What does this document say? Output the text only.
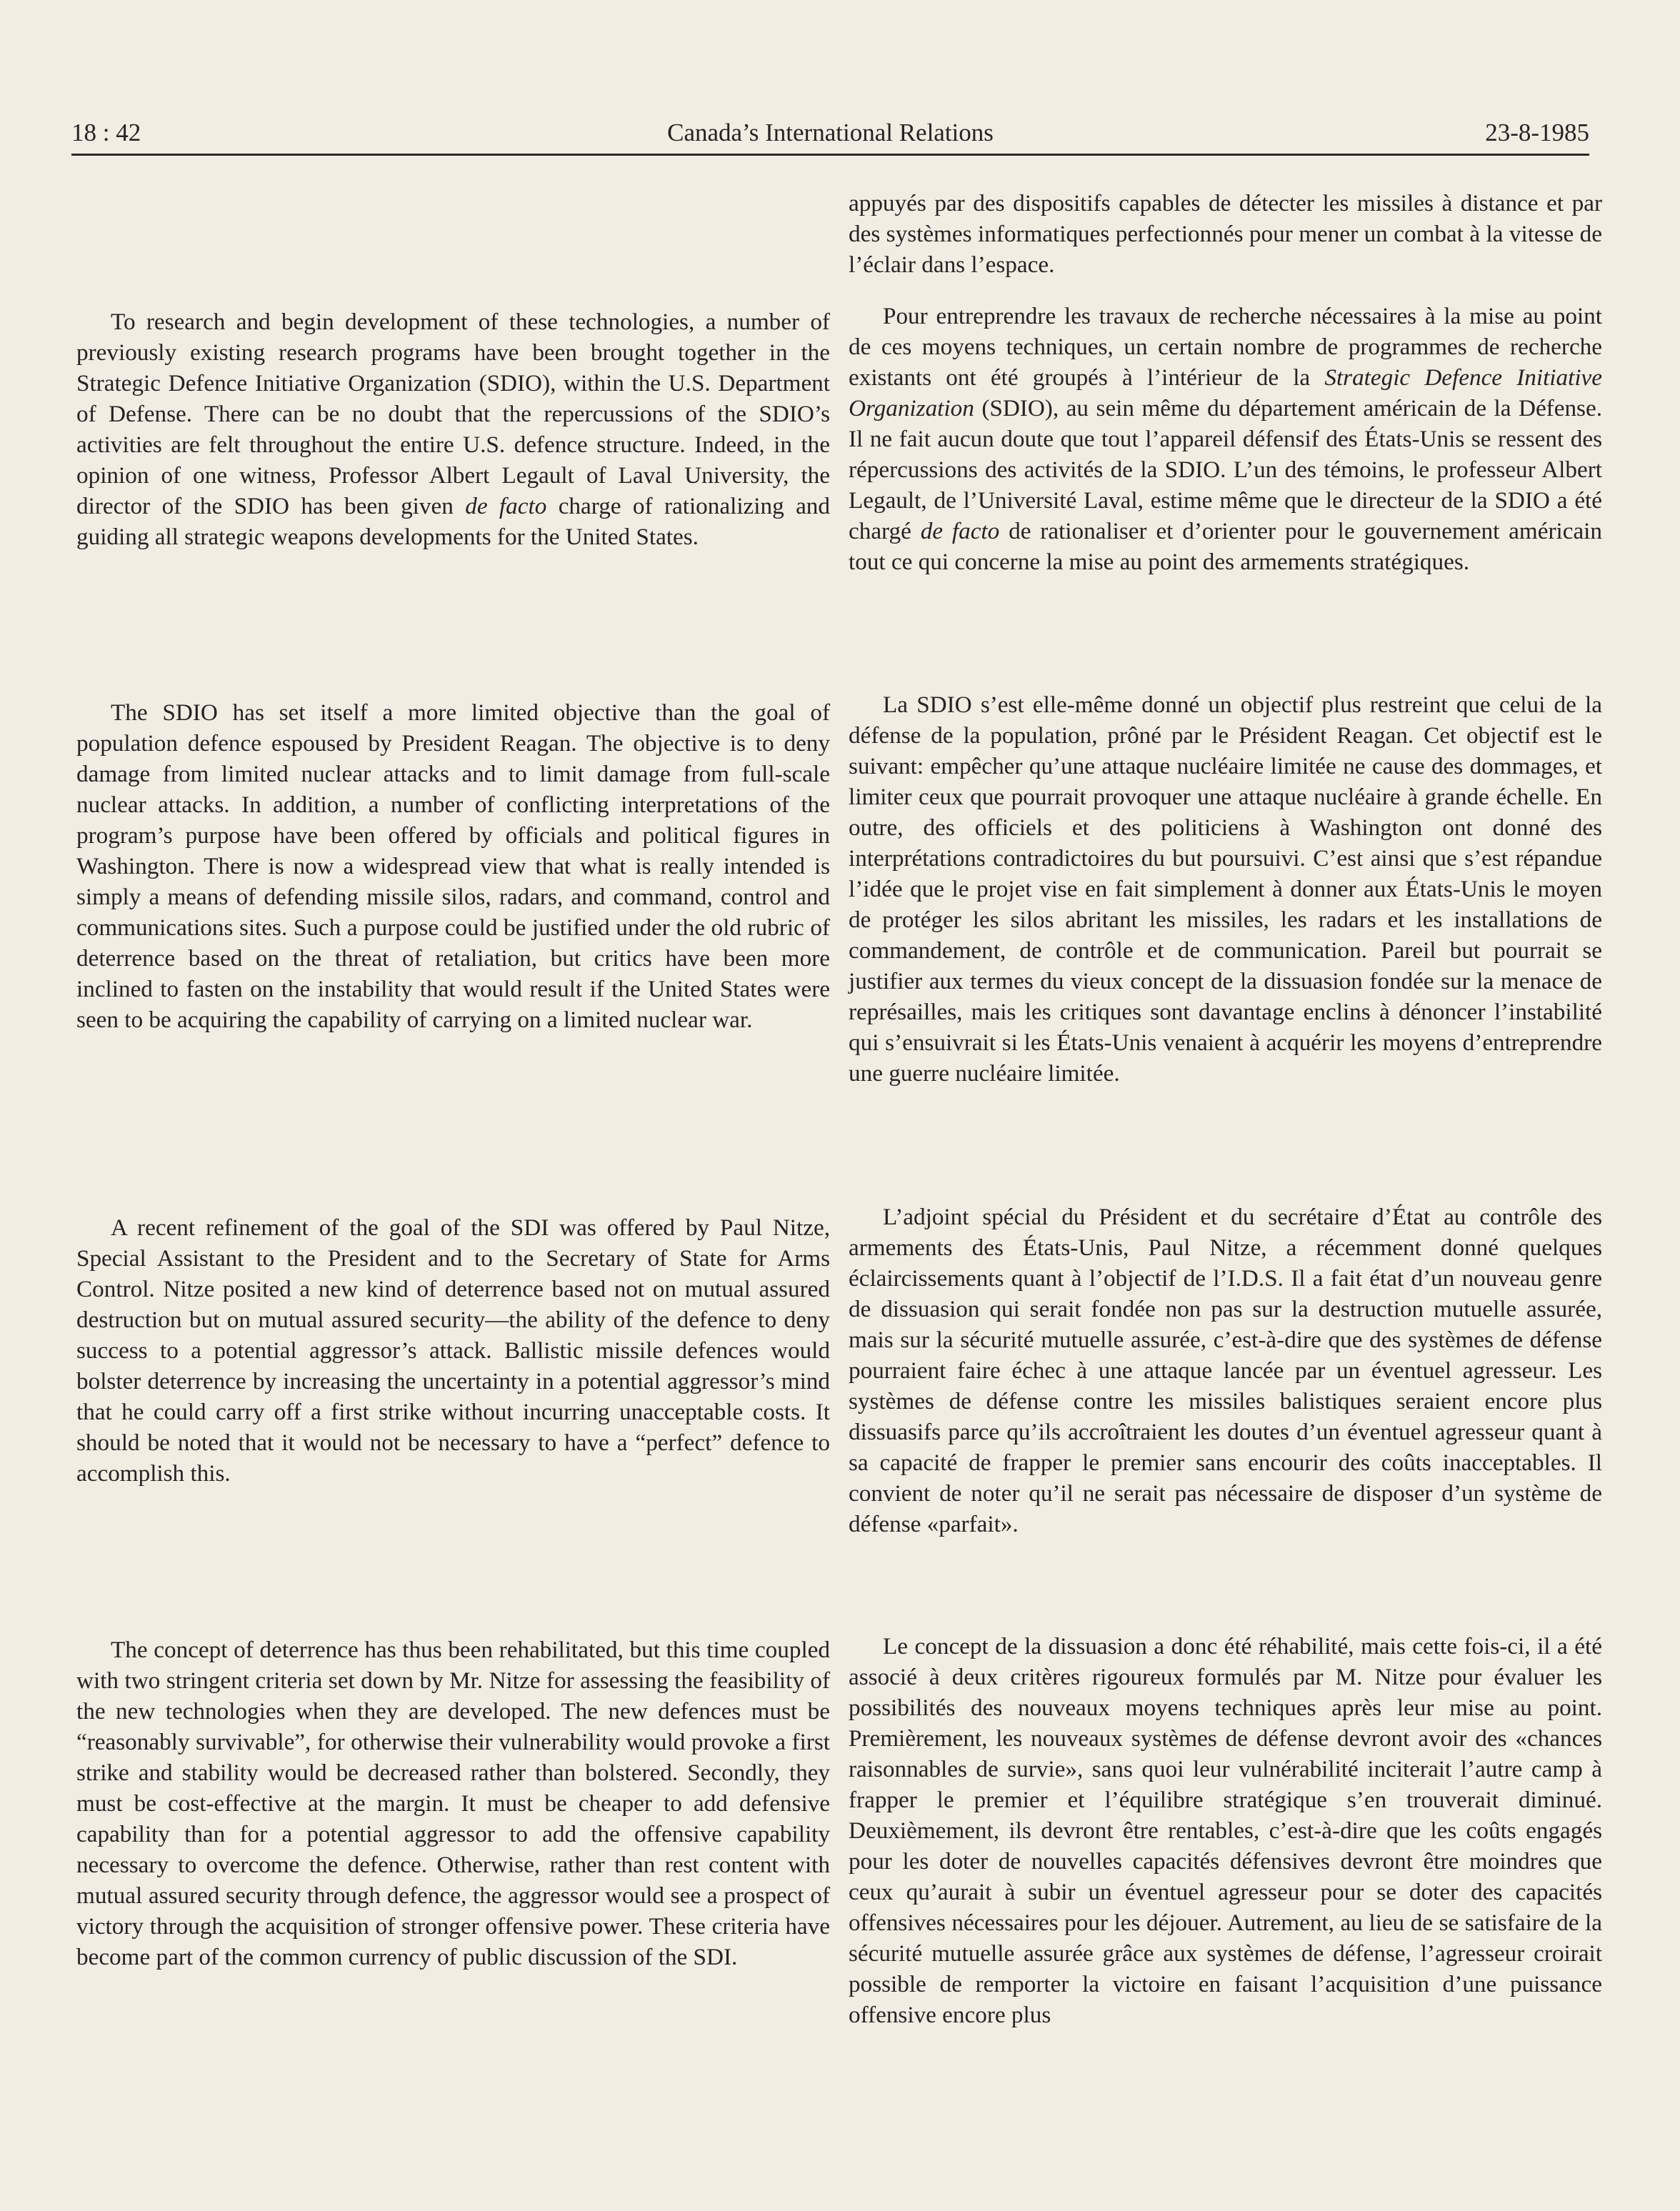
18 : 42	Canada’s International Relations	23-8-1985

To research and begin development of these technologies, a number of previously existing research programs have been brought together in the Strategic Defence Initiative Organization (SDIO), within the U.S. Department of Defense. There can be no doubt that the repercussions of the SDIO’s activities are felt throughout the entire U.S. defence structure. Indeed, in the opinion of one witness, Professor Albert Legault of Laval University, the director of the SDIO has been given de facto charge of rationalizing and guiding all strategic weapons developments for the United States.

The SDIO has set itself a more limited objective than the goal of population defence espoused by President Reagan. The objective is to deny damage from limited nuclear attacks and to limit damage from full-scale nuclear attacks. In addition, a number of conflicting interpretations of the program’s purpose have been offered by officials and political figures in Washington. There is now a widespread view that what is really intended is simply a means of defending missile silos, radars, and command, control and communications sites. Such a purpose could be justified under the old rubric of deterrence based on the threat of retaliation, but critics have been more inclined to fasten on the instability that would result if the United States were seen to be acquiring the capability of carrying on a limited nuclear war.

A recent refinement of the goal of the SDI was offered by Paul Nitze, Special Assistant to the President and to the Secretary of State for Arms Control. Nitze posited a new kind of deterrence based not on mutual assured destruction but on mutual assured security—the ability of the defence to deny success to a potential aggressor’s attack. Ballistic missile defences would bolster deterrence by increasing the uncertainty in a potential aggressor’s mind that he could carry off a first strike without incurring unacceptable costs. It should be noted that it would not be necessary to have a “perfect” defence to accomplish this.

The concept of deterrence has thus been rehabilitated, but this time coupled with two stringent criteria set down by Mr. Nitze for assessing the feasibility of the new technologies when they are developed. The new defences must be “reasonably survivable”, for otherwise their vulnerability would provoke a first strike and stability would be decreased rather than bolstered. Secondly, they must be cost-effective at the margin. It must be cheaper to add defensive capability than for a potential aggressor to add the offensive capability necessary to overcome the defence. Otherwise, rather than rest content with mutual assured security through defence, the aggressor would see a prospect of victory through the acquisition of stronger offensive power. These criteria have become part of the common currency of public discussion of the SDI.

appuyés par des dispositifs capables de détecter les missiles à distance et par des systèmes informatiques perfectionnés pour mener un combat à la vitesse de l’éclair dans l’espace.

Pour entreprendre les travaux de recherche nécessaires à la mise au point de ces moyens techniques, un certain nombre de programmes de recherche existants ont été groupés à l’intérieur de la Strategic Defence Initiative Organization (SDIO), au sein même du département américain de la Défense. Il ne fait aucun doute que tout l’appareil défensif des États-Unis se ressent des répercussions des activités de la SDIO. L’un des témoins, le professeur Albert Legault, de l’Université Laval, estime même que le directeur de la SDIO a été chargé de facto de rationaliser et d’orienter pour le gouvernement américain tout ce qui concerne la mise au point des armements stratégiques.

La SDIO s’est elle-même donné un objectif plus restreint que celui de la défense de la population, prôné par le Président Reagan. Cet objectif est le suivant: empêcher qu’une attaque nucléaire limitée ne cause des dommages, et limiter ceux que pourrait provoquer une attaque nucléaire à grande échelle. En outre, des officiels et des politiciens à Washington ont donné des interprétations contradictoires du but poursuivi. C’est ainsi que s’est répandue l’idée que le projet vise en fait simplement à donner aux États-Unis le moyen de protéger les silos abritant les missiles, les radars et les installations de commandement, de contrôle et de communication. Pareil but pourrait se justifier aux termes du vieux concept de la dissuasion fondée sur la menace de représailles, mais les critiques sont davantage enclins à dénoncer l’instabilité qui s’ensuivrait si les États-Unis venaient à acquérir les moyens d’entreprendre une guerre nucléaire limitée.

L’adjoint spécial du Président et du secrétaire d’État au contrôle des armements des États-Unis, Paul Nitze, a récemment donné quelques éclaircissements quant à l’objectif de l’I.D.S. Il a fait état d’un nouveau genre de dissuasion qui serait fondée non pas sur la destruction mutuelle assurée, mais sur la sécurité mutuelle assurée, c’est-à-dire que des systèmes de défense pourraient faire échec à une attaque lancée par un éventuel agresseur. Les systèmes de défense contre les missiles balistiques seraient encore plus dissuasifs parce qu’ils accroîtraient les doutes d’un éventuel agresseur quant à sa capacité de frapper le premier sans encourir des coûts inacceptables. Il convient de noter qu’il ne serait pas nécessaire de disposer d’un système de défense «parfait».

Le concept de la dissuasion a donc été réhabilité, mais cette fois-ci, il a été associé à deux critères rigoureux formulés par M. Nitze pour évaluer les possibilités des nouveaux moyens techniques après leur mise au point. Premièrement, les nouveaux systèmes de défense devront avoir des «chances raisonnables de survie», sans quoi leur vulnérabilité inciterait l’autre camp à frapper le premier et l’équilibre stratégique s’en trouverait diminué. Deuxièmement, ils devront être rentables, c’est-à-dire que les coûts engagés pour les doter de nouvelles capacités défensives devront être moindres que ceux qu’aurait à subir un éventuel agresseur pour se doter des capacités offensives nécessaires pour les déjouer. Autrement, au lieu de se satisfaire de la sécurité mutuelle assurée grâce aux systèmes de défense, l’agresseur croirait possible de remporter la victoire en faisant l’acquisition d’une puissance offensive encore plus
